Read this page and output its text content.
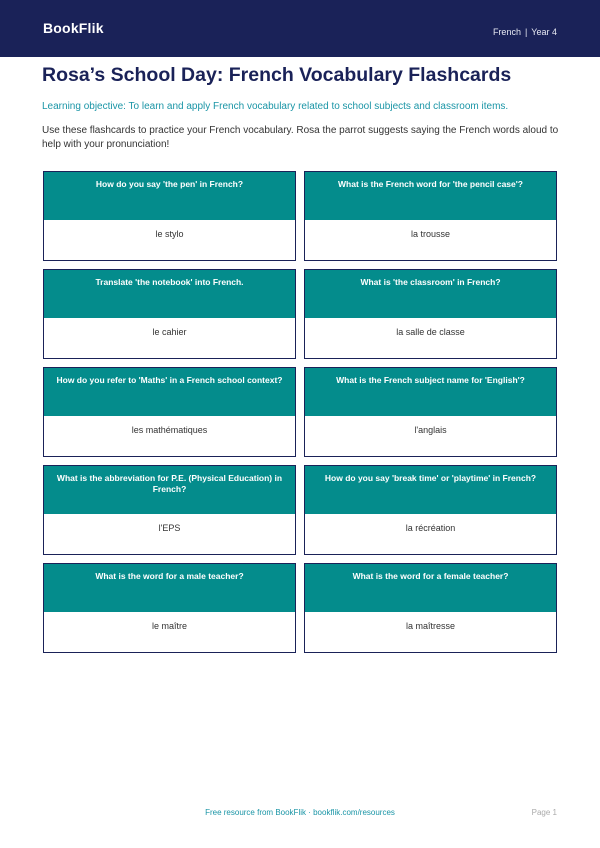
BookFlik	French | Year 4
Rosa’s School Day: French Vocabulary Flashcards
Learning objective: To learn and apply French vocabulary related to school subjects and classroom items.
Use these flashcards to practice your French vocabulary. Rosa the parrot suggests saying the French words aloud to help with your pronunciation!
How do you say 'the pen' in French?
le stylo
What is the French word for 'the pencil case'?
la trousse
Translate 'the notebook' into French.
le cahier
What is 'the classroom' in French?
la salle de classe
How do you refer to 'Maths' in a French school context?
les mathématiques
What is the French subject name for 'English'?
l'anglais
What is the abbreviation for P.E. (Physical Education) in French?
l'EPS
How do you say 'break time' or 'playtime' in French?
la récréation
What is the word for a male teacher?
le maître
What is the word for a female teacher?
la maîtresse
Free resource from BookFlik · bookflik.com/resources	Page 1
